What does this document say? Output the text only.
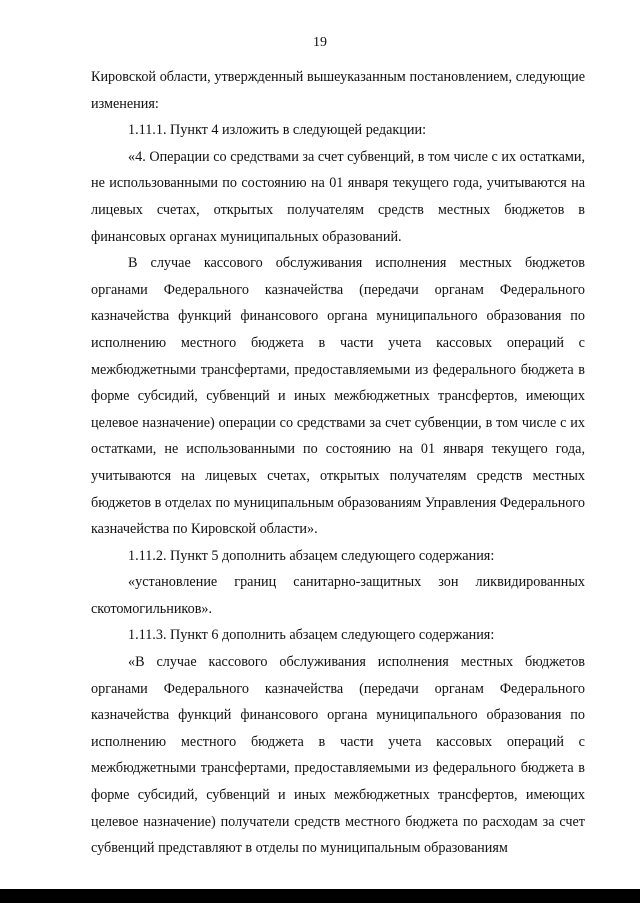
19

Кировской области, утвержденный вышеуказанным постановлением, следующие изменения:

1.11.1. Пункт 4 изложить в следующей редакции:

«4. Операции со средствами за счет субвенций, в том числе с их остатками, не использованными по состоянию на 01 января текущего года, учитываются на лицевых счетах, открытых получателям средств местных бюджетов в финансовых органах муниципальных образований.

В случае кассового обслуживания исполнения местных бюджетов органами Федерального казначейства (передачи органам Федерального казначейства функций финансового органа муниципального образования по исполнению местного бюджета в части учета кассовых операций с межбюджетными трансфертами, предоставляемыми из федерального бюджета в форме субсидий, субвенций и иных межбюджетных трансфертов, имеющих целевое назначение) операции со средствами за счет субвенции, в том числе с их остатками, не использованными по состоянию на 01 января текущего года, учитываются на лицевых счетах, открытых получателям средств местных бюджетов в отделах по муниципальным образованиям Управления Федерального казначейства по Кировской области».

1.11.2. Пункт 5 дополнить абзацем следующего содержания:

«установление границ санитарно-защитных зон ликвидированных скотомогильников».

1.11.3. Пункт 6 дополнить абзацем следующего содержания:

«В случае кассового обслуживания исполнения местных бюджетов органами Федерального казначейства (передачи органам Федерального казначейства функций финансового органа муниципального образования по исполнению местного бюджета в части учета кассовых операций с межбюджетными трансфертами, предоставляемыми из федерального бюджета в форме субсидий, субвенций и иных межбюджетных трансфертов, имеющих целевое назначение) получатели средств местного бюджета по расходам за счет субвенций представляют в отделы по муниципальным образованиям
